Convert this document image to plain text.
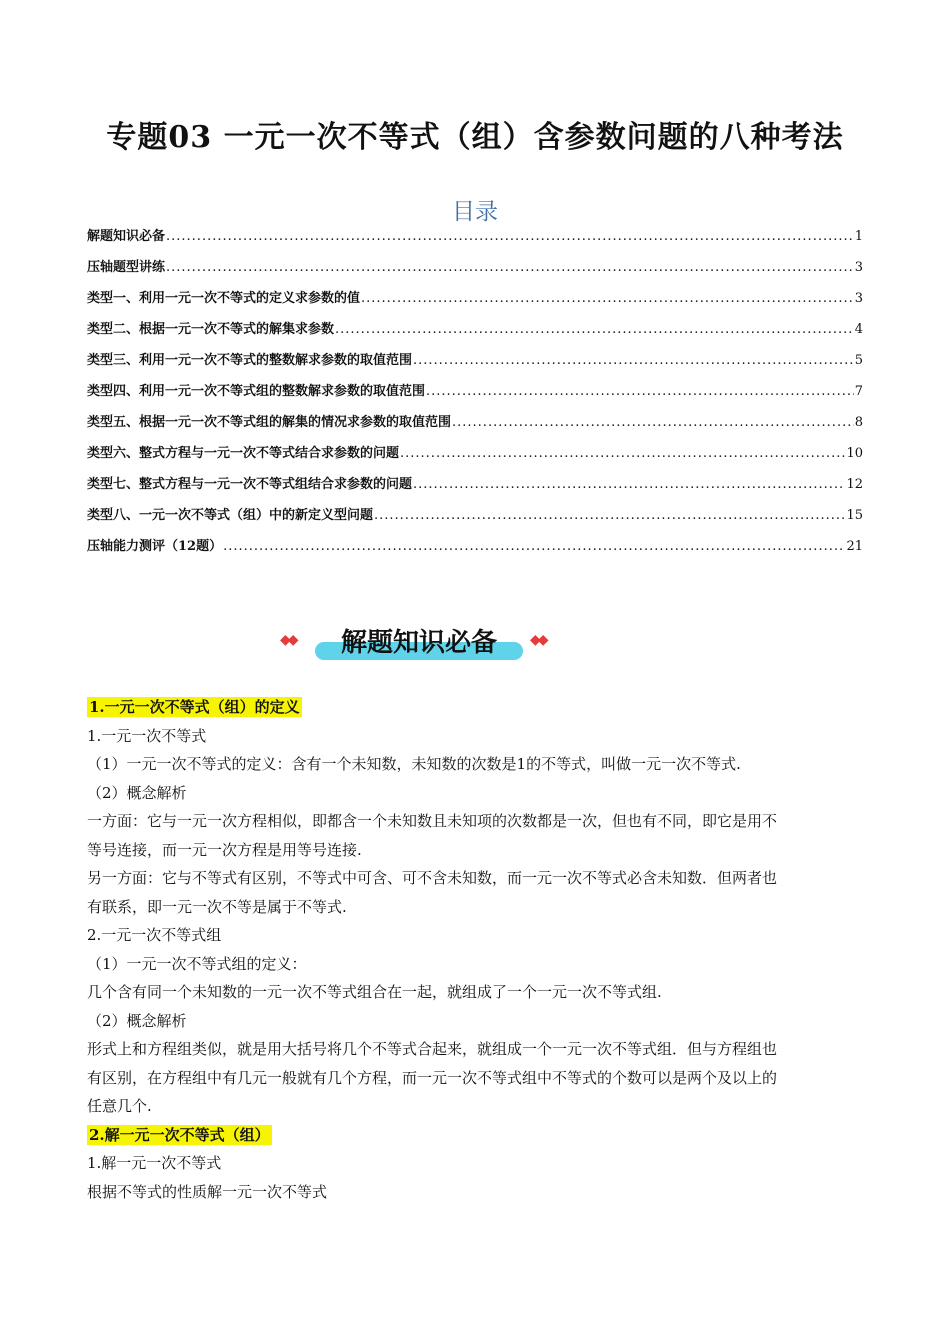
专题03 一元一次不等式（组）含参数问题的八种考法
目录
解题知识必备 .....	1
压轴题型讲练 .....	3
类型一、利用一元一次不等式的定义求参数的值 .....	3
类型二、根据一元一次不等式的解集求参数 .....	4
类型三、利用一元一次不等式的整数解求参数的取值范围 .....	5
类型四、利用一元一次不等式组的整数解求参数的取值范围 .....	7
类型五、根据一元一次不等式组的解集的情况求参数的取值范围 .....	8
类型六、整式方程与一元一次不等式结合求参数的问题 .....	10
类型七、整式方程与一元一次不等式组结合求参数的问题 .....	12
类型八、一元一次不等式（组）中的新定义型问题 .....	15
压轴能力测评（12题） .....	21
◆◆	解题知识必备	◆◆
1.一元一次不等式（组）的定义
1.一元一次不等式
（1）一元一次不等式的定义：含有一个未知数，未知数的次数是1的不等式，叫做一元一次不等式.
（2）概念解析
一方面：它与一元一次方程相似，即都含一个未知数且未知项的次数都是一次，但也有不同，即它是用不
等号连接，而一元一次方程是用等号连接.
另一方面：它与不等式有区别，不等式中可含、可不含未知数，而一元一次不等式必含未知数．但两者也
有联系，即一元一次不等是属于不等式.
2.一元一次不等式组
（1）一元一次不等式组的定义：
几个含有同一个未知数的一元一次不等式组合在一起，就组成了一个一元一次不等式组.
（2）概念解析
形式上和方程组类似，就是用大括号将几个不等式合起来，就组成一个一元一次不等式组．但与方程组也
有区别，在方程组中有几元一般就有几个方程，而一元一次不等式组中不等式的个数可以是两个及以上的
任意几个.
2.解一元一次不等式（组）
1.解一元一次不等式
根据不等式的性质解一元一次不等式
